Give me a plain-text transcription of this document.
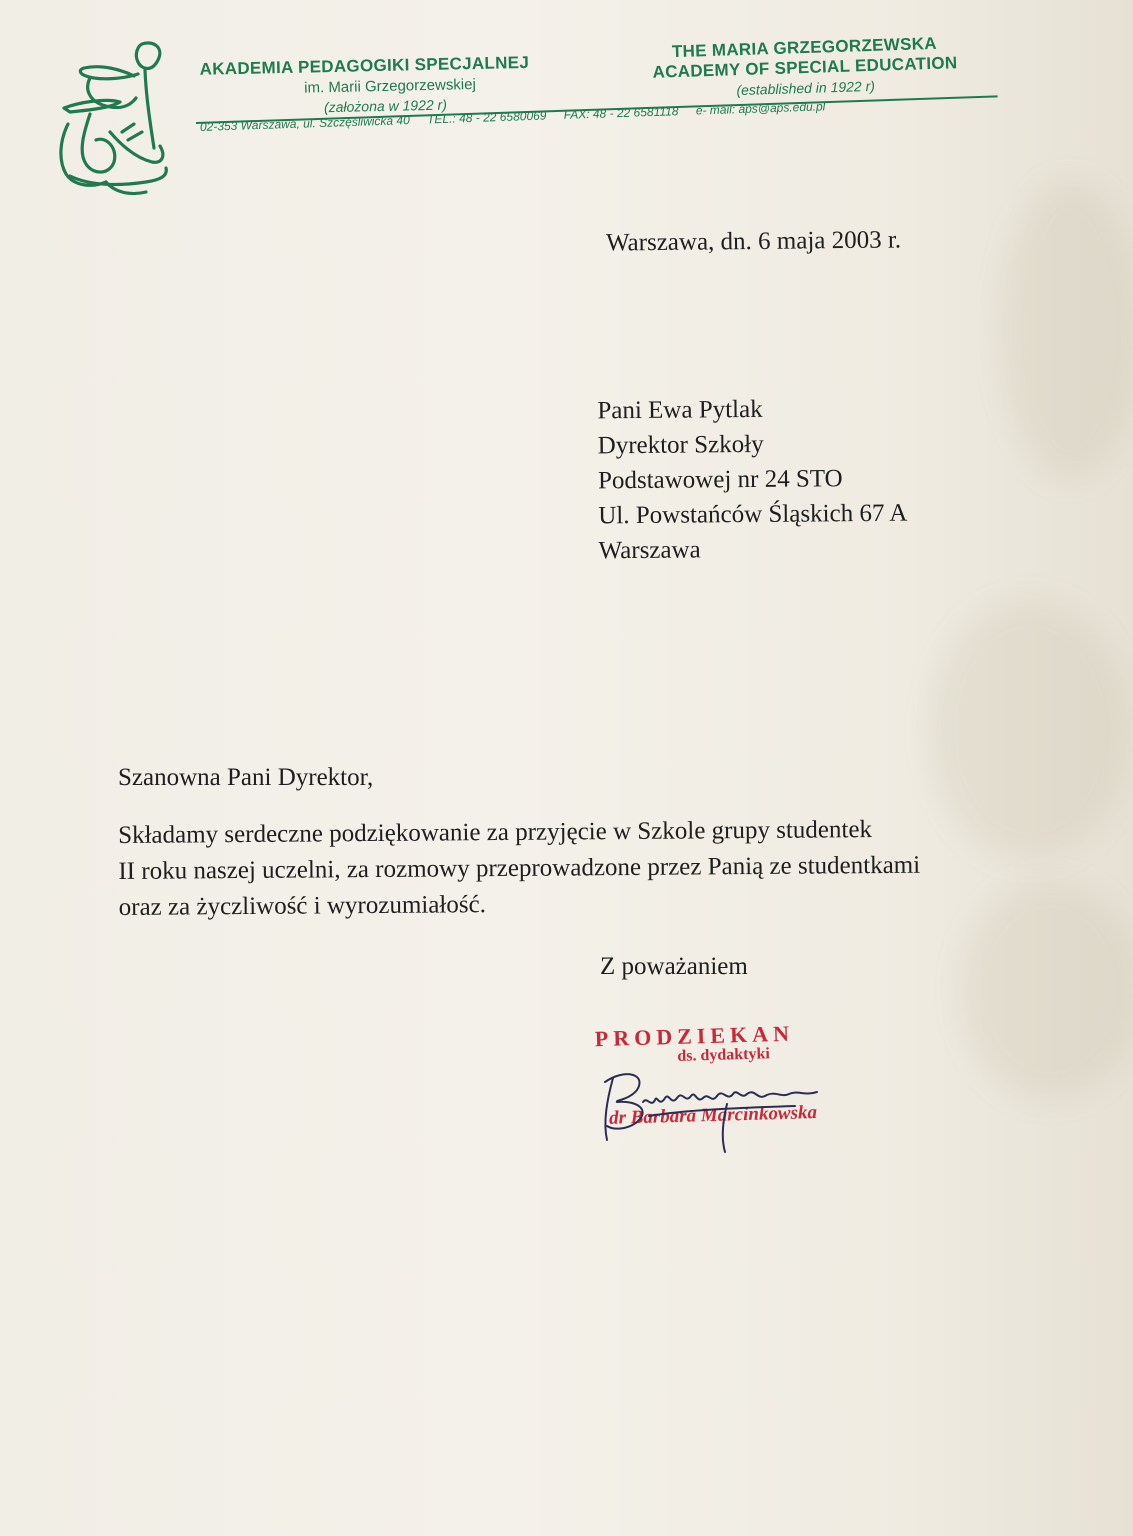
AKADEMIA PEDAGOGIKI SPECJALNEJ
im. Marii Grzegorzewskiej
(założona w 1922 r)
THE MARIA GRZEGORZEWSKA
ACADEMY OF SPECIAL EDUCATION
(established in 1922 r)
02-353 Warszawa, ul. Szczęśliwicka 40 TEL.: 48 - 22 6580069 FAX: 48 - 22 6581118 e- mail: aps@aps.edu.pl
Warszawa, dn. 6 maja 2003 r.
Pani Ewa Pytlak
Dyrektor Szkoły
Podstawowej nr 24 STO
Ul. Powstańców Śląskich 67 A
Warszawa
Szanowna Pani Dyrektor,
Składamy serdeczne podziękowanie za przyjęcie w Szkole grupy studentek
II roku naszej uczelni, za rozmowy przeprowadzone przez Panią ze studentkami
oraz za życzliwość i wyrozumiałość.
Z poważaniem
PRODZIEKAN
ds. dydaktyki
dr Barbara Marcinkowska
